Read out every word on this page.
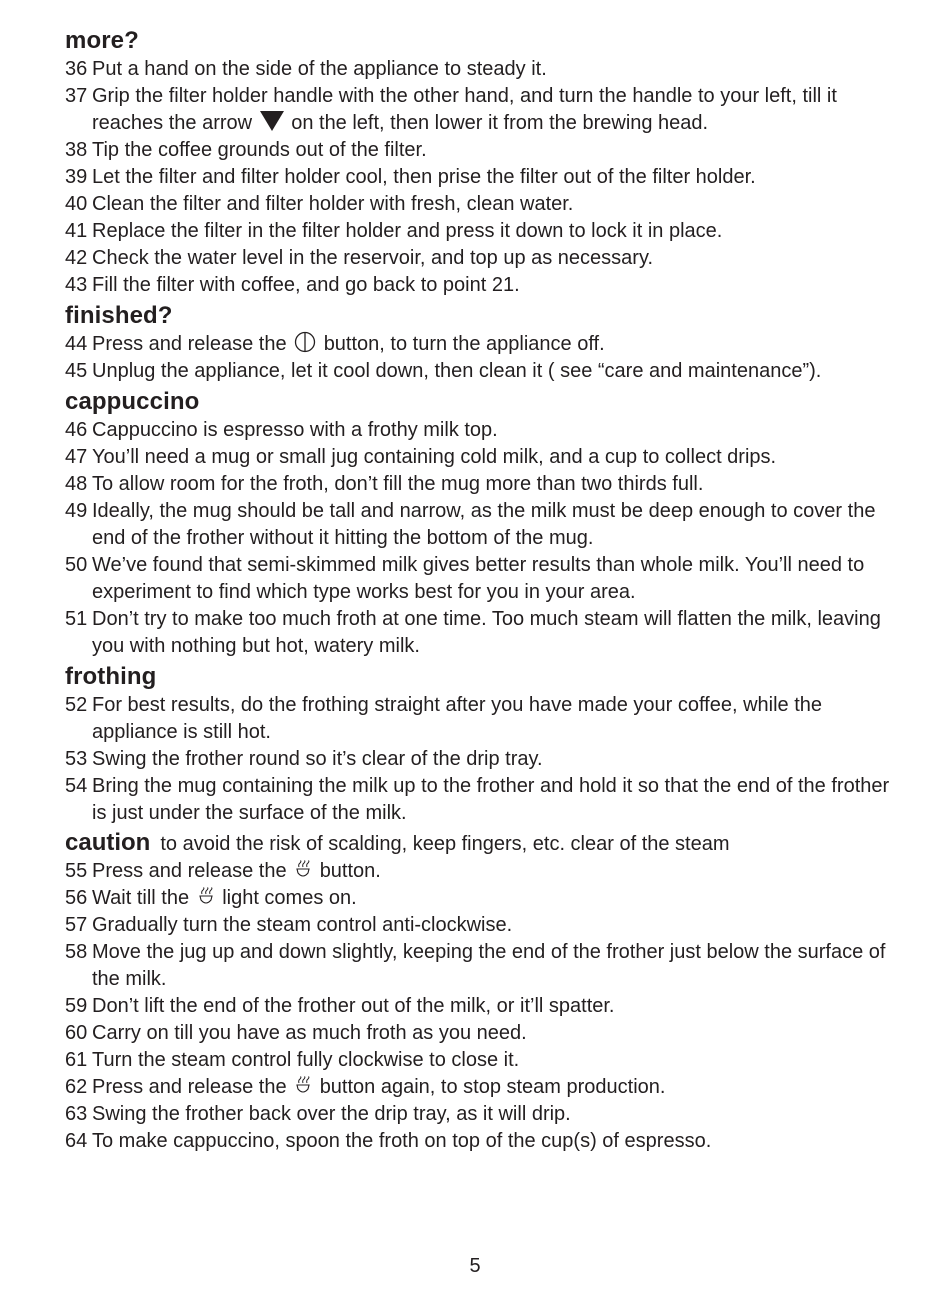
more?
36 Put a hand on the side of the appliance to steady it.
37 Grip the filter holder handle with the other hand, and turn the handle to your left, till it reaches the arrow on the left, then lower it from the brewing head.
38 Tip the coffee grounds out of the filter.
39 Let the filter and filter holder cool, then prise the filter out of the filter holder.
40 Clean the filter and filter holder with fresh, clean water.
41 Replace the filter in the filter holder and press it down to lock it in place.
42 Check the water level in the reservoir, and top up as necessary.
43 Fill the filter with coffee, and go back to point 21.
finished?
44 Press and release the button, to turn the appliance off.
45 Unplug the appliance, let it cool down, then clean it ( see “care and maintenance”).
cappuccino
46 Cappuccino is espresso with a frothy milk top.
47 You’ll need a mug or small jug containing cold milk, and a cup to collect drips.
48 To allow room for the froth, don’t fill the mug more than two thirds full.
49 Ideally, the mug should be tall and narrow, as the milk must be deep enough to cover the end of the frother without it hitting the bottom of the mug.
50 We’ve found that semi-skimmed milk gives better results than whole milk. You’ll need to experiment to find which type works best for you in your area.
51 Don’t try to make too much froth at one time. Too much steam will flatten the milk, leaving you with nothing but hot, watery milk.
frothing
52 For best results, do the frothing straight after you have made your coffee, while the appliance is still hot.
53 Swing the frother round so it’s clear of the drip tray.
54 Bring the mug containing the milk up to the frother and hold it so that the end of the frother is just under the surface of the milk.
caution to avoid the risk of scalding, keep fingers, etc. clear of the steam
55 Press and release the button.
56 Wait till the light comes on.
57 Gradually turn the steam control anti-clockwise.
58 Move the jug up and down slightly, keeping the end of the frother just below the surface of the milk.
59 Don’t lift the end of the frother out of the milk, or it’ll spatter.
60 Carry on till you have as much froth as you need.
61 Turn the steam control fully clockwise to close it.
62 Press and release the button again, to stop steam production.
63 Swing the frother back over the drip tray, as it will drip.
64 To make cappuccino, spoon the froth on top of the cup(s) of espresso.
5
